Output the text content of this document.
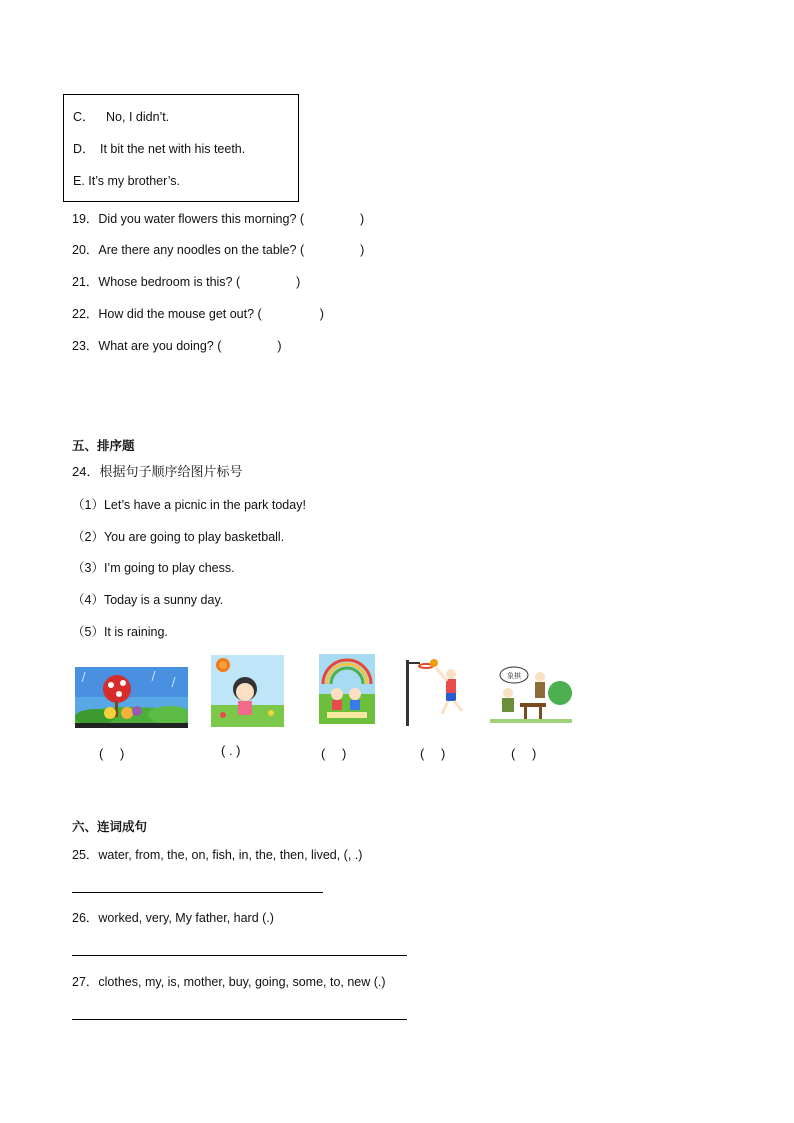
C． No, I didn’t.
D． It bit the net with his teeth.
E. It’s my brother’s.
19．Did you water flowers this morning? (	)
20．Are there any noodles on the table? (	)
21．Whose bedroom is this? (	)
22．How did the mouse get out? (	)
23．What are you doing? (	)
五、排序题
24．根据句子顺序给图片标号
（1）Let’s have a picnic in the park today!
（2）You are going to play basketball.
（3）I’m going to play chess.
（4）Today is a sunny day.
（5）It is raining.
象棋
(　 )	( . )	(　 )	(　 )	(　 )
六、连词成句
25．water, from, the, on, fish, in, the, then, lived, (, .)
26．worked, very, My father, hard (.)
27．clothes, my, is, mother, buy, going, some, to, new (.)
